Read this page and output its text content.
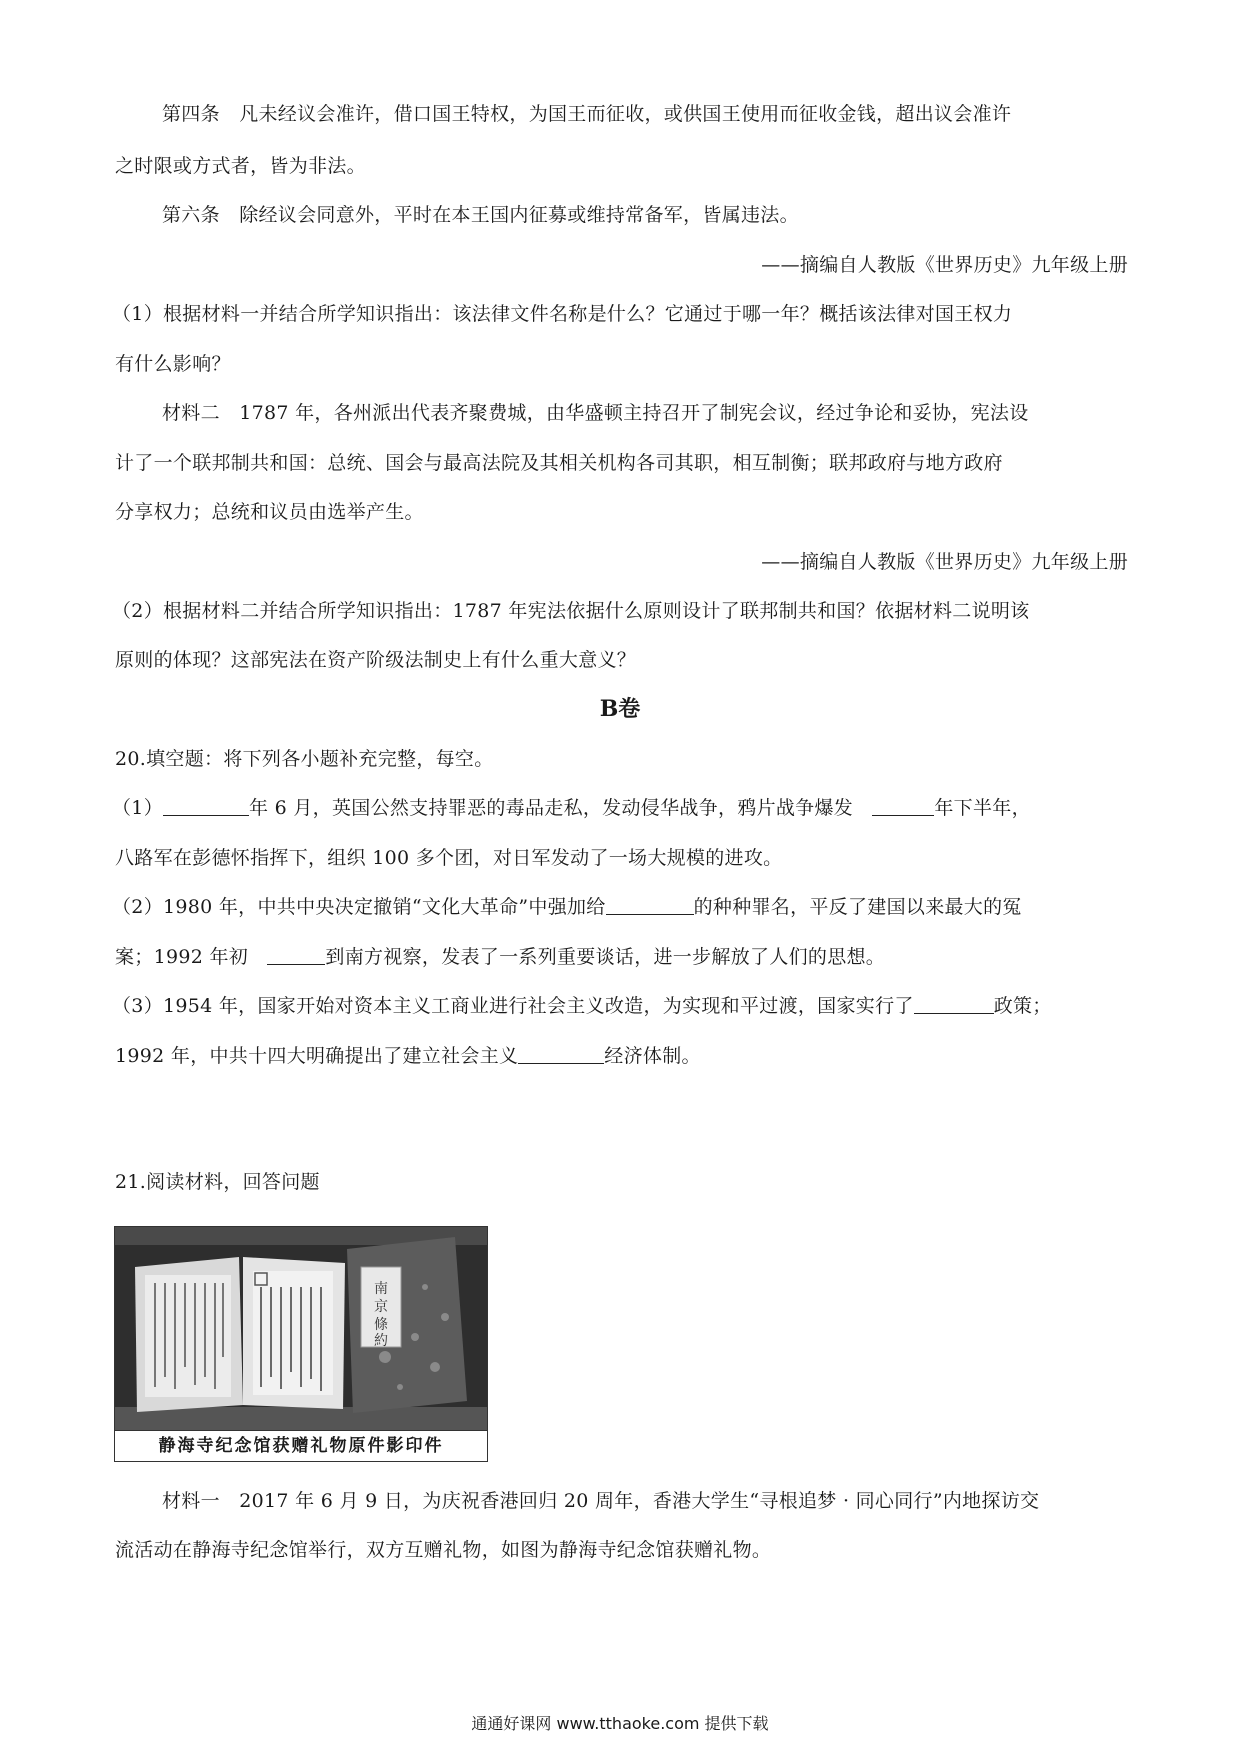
第四条　凡未经议会准许，借口国王特权，为国王而征收，或供国王使用而征收金钱，超出议会准许
之时限或方式者，皆为非法。
第六条　除经议会同意外，平时在本王国内征募或维持常备军，皆属违法。
——摘编自人教版《世界历史》九年级上册
（1）根据材料一并结合所学知识指出：该法律文件名称是什么？它通过于哪一年？概括该法律对国王权力
有什么影响？
材料二　1787 年，各州派出代表齐聚费城，由华盛顿主持召开了制宪会议，经过争论和妥协，宪法设
计了一个联邦制共和国：总统、国会与最高法院及其相关机构各司其职，相互制衡；联邦政府与地方政府
分享权力；总统和议员由选举产生。
——摘编自人教版《世界历史》九年级上册
（2）根据材料二并结合所学知识指出：1787 年宪法依据什么原则设计了联邦制共和国？依据材料二说明该
原则的体现？这部宪法在资产阶级法制史上有什么重大意义？
B卷
20.填空题：将下列各小题补充完整，每空。
（1）	年 6 月，英国公然支持罪恶的毒品走私，发动侵华战争，鸦片战争爆发　	年下半年，
八路军在彭德怀指挥下，组织 100 多个团，对日军发动了一场大规模的进攻。
（2）1980 年，中共中央决定撤销“文化大革命”中强加给	的种种罪名，平反了建国以来最大的冤
案；1992 年初　	到南方视察，发表了一系列重要谈话，进一步解放了人们的思想。
（3）1954 年，国家开始对资本主义工商业进行社会主义改造，为实现和平过渡，国家实行了	政策；
1992 年，中共十四大明确提出了建立社会主义	经济体制。
21.阅读材料，回答问题
南
京
條
約
静海寺纪念馆获赠礼物原件影印件
材料一　2017 年 6 月 9 日，为庆祝香港回归 20 周年，香港大学生“寻根追梦 · 同心同行”内地探访交
流活动在静海寺纪念馆举行，双方互赠礼物，如图为静海寺纪念馆获赠礼物。
通通好课网 www.tthaoke.com 提供下载
